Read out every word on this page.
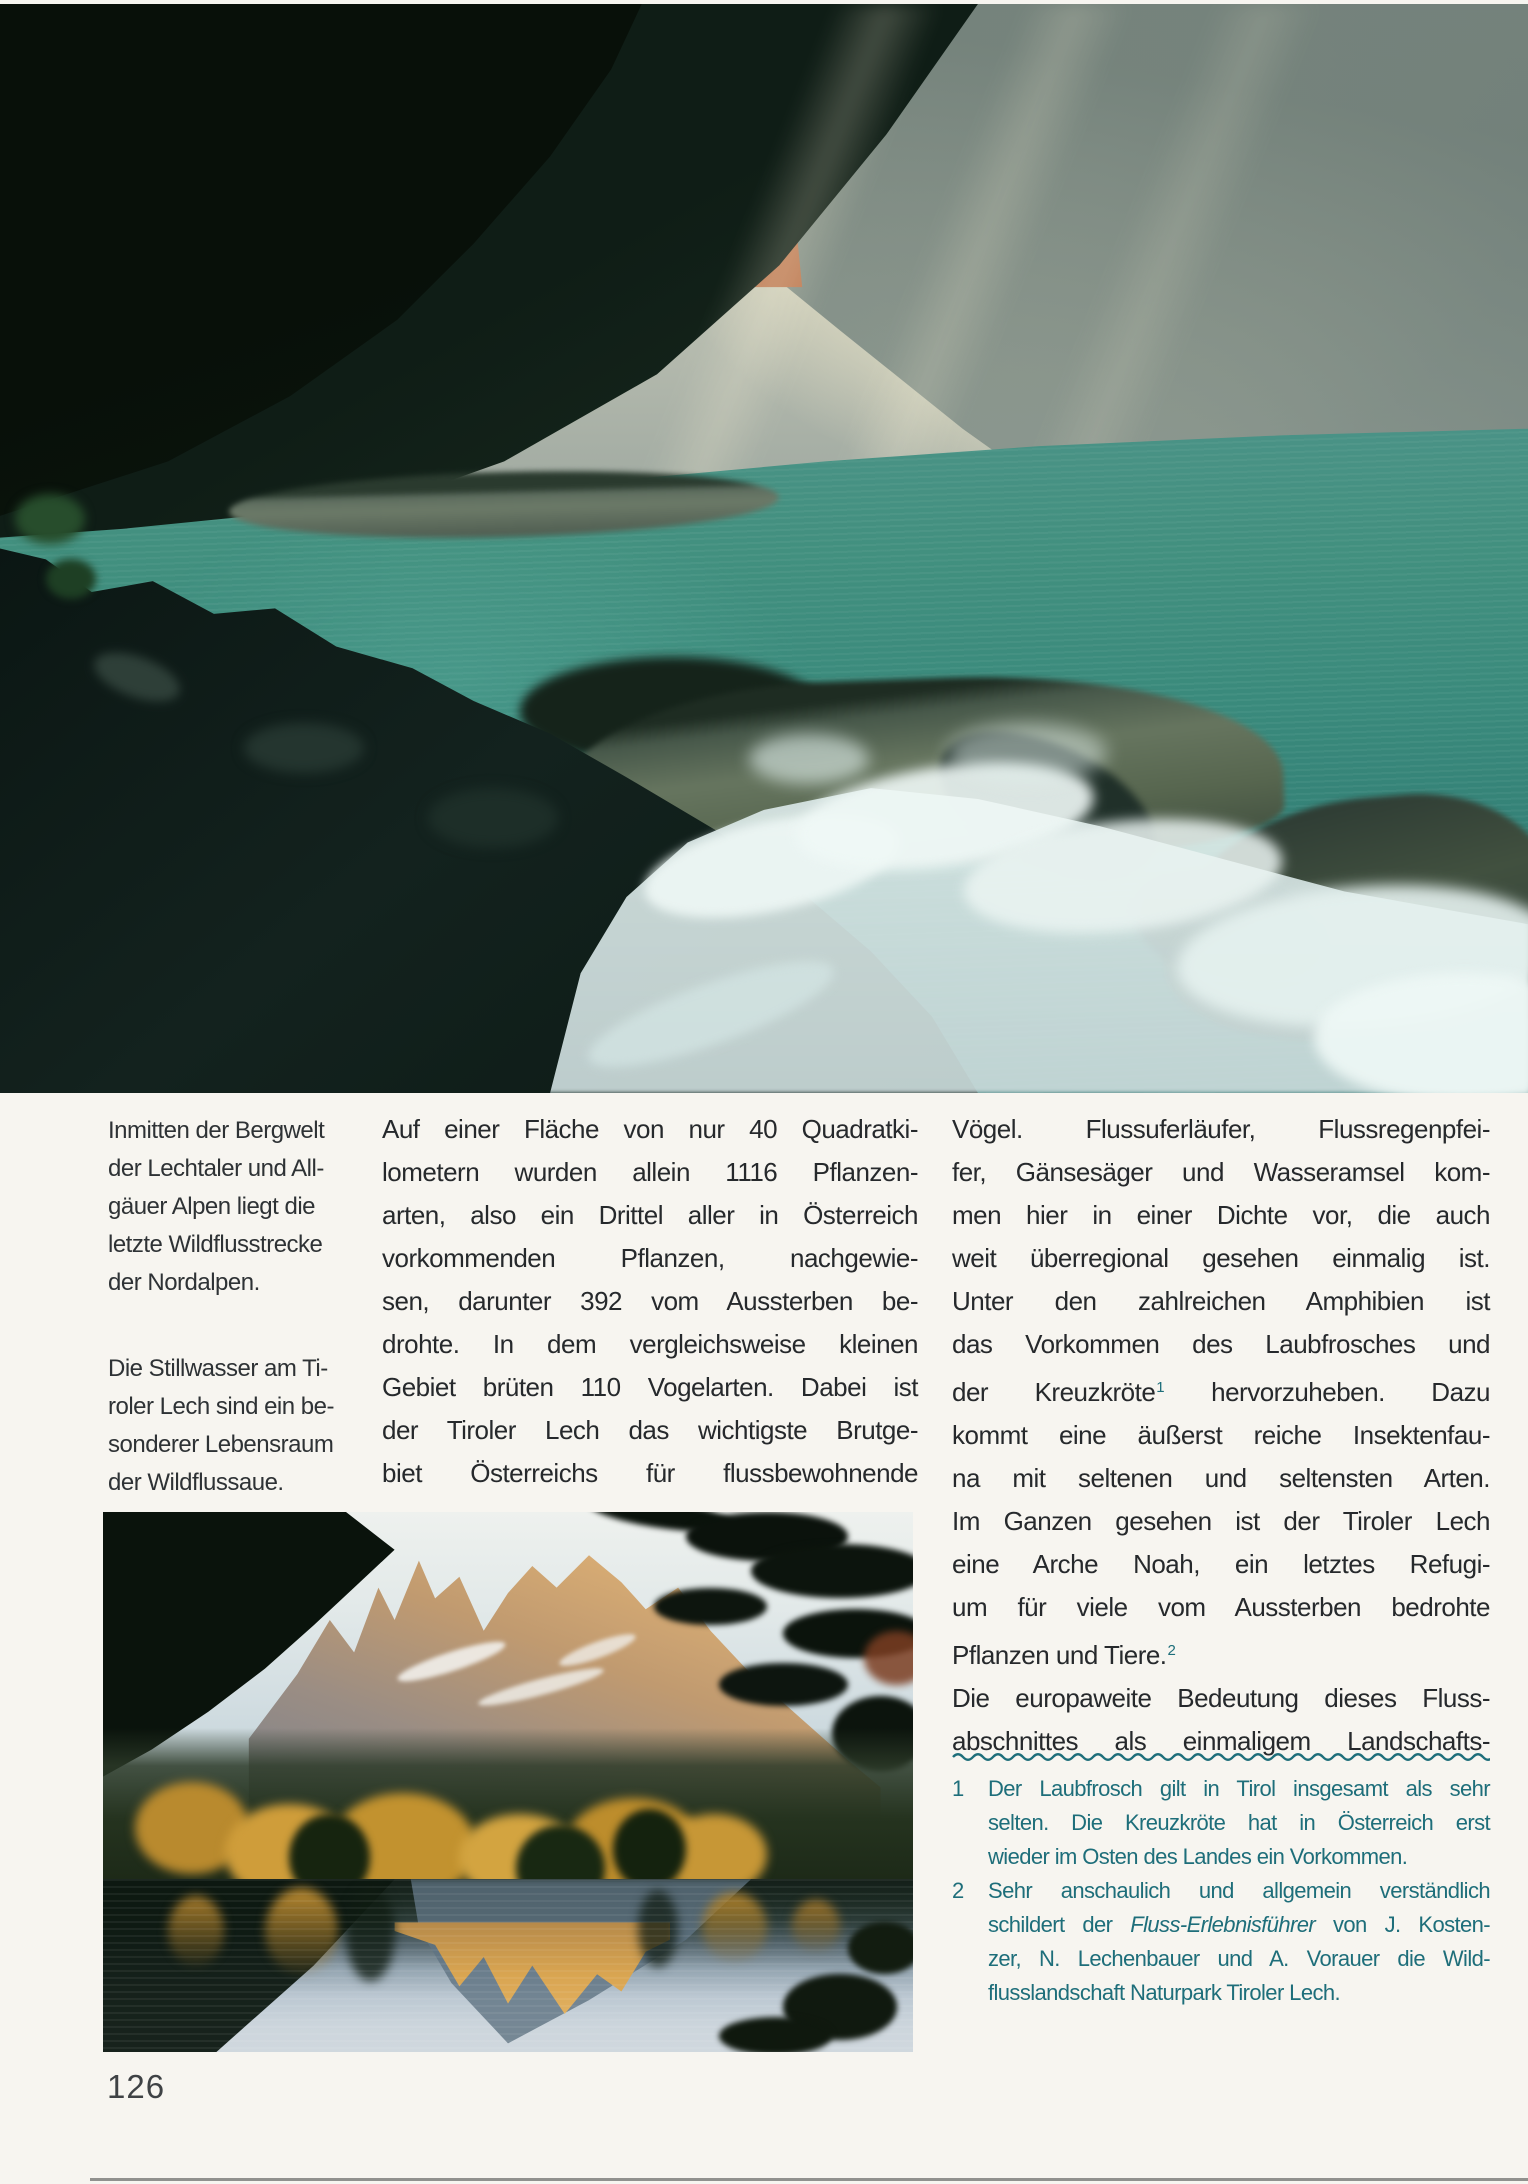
Inmitten der Bergwelt
der Lechtaler und All-
gäuer Alpen liegt die
letzte Wildflusstrecke
der Nordalpen.
Die Stillwasser am Ti-
roler Lech sind ein be-
sonderer Lebensraum
der Wildflussaue.
Auf einer Fläche von nur 40 Quadratki-
lometern wurden allein 1116 Pflanzen-
arten, also ein Drittel aller in Österreich
vorkommenden Pflanzen, nachgewie-
sen, darunter 392 vom Aussterben be-
drohte. In dem vergleichsweise kleinen
Gebiet brüten 110 Vogelarten. Dabei ist
der Tiroler Lech das wichtigste Brutge-
biet Österreichs für flussbewohnende
Vögel. Flussuferläufer, Flussregenpfei-
fer, Gänsesäger und Wasseramsel kom-
men hier in einer Dichte vor, die auch
weit überregional gesehen einmalig ist.
Unter den zahlreichen Amphibien ist
das Vorkommen des Laubfrosches und
der Kreuzkröte$^1$ hervorzuheben. Dazu
kommt eine äußerst reiche Insektenfau-
na mit seltenen und seltensten Arten.
Im Ganzen gesehen ist der Tiroler Lech
eine Arche Noah, ein letztes Refugi-
um für viele vom Aussterben bedrohte
Pflanzen und Tiere.$^2$
Die europaweite Bedeutung dieses Fluss-
abschnittes als einmaligem Landschafts-
1 Der Laubfrosch gilt in Tirol insgesamt als sehr
selten. Die Kreuzkröte hat in Österreich erst
wieder im Osten des Landes ein Vorkommen.
2 Sehr anschaulich und allgemein verständlich
schildert der Fluss-Erlebnisführer von J. Kosten-
zer, N. Lechenbauer und A. Vorauer die Wild-
flusslandschaft Naturpark Tiroler Lech.
126
